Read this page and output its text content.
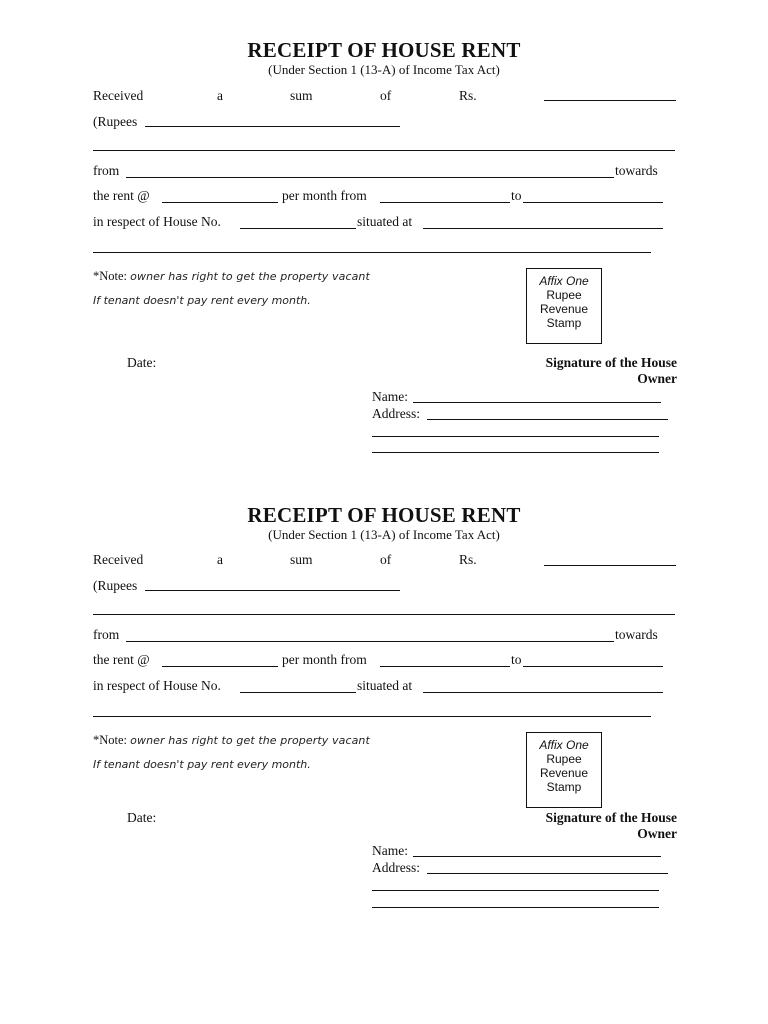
RECEIPT OF HOUSE RENT
(Under Section 1 (13-A) of Income Tax Act)
Received	a	sum	of	Rs.
(Rupees
from	towards
the rent @	per month from	to
in respect of House No.	situated at
*Note: owner has right to get the property vacant
If tenant doesn't pay rent every month.
Affix One
Rupee
Revenue
Stamp
Date:	Signature of the House
Owner
Name:
Address:
RECEIPT OF HOUSE RENT
(Under Section 1 (13-A) of Income Tax Act)
Received	a	sum	of	Rs.
(Rupees
from	towards
the rent @	per month from	to
in respect of House No.	situated at
*Note: owner has right to get the property vacant
If tenant doesn't pay rent every month.
Affix One
Rupee
Revenue
Stamp
Date:	Signature of the House
Owner
Name:
Address:
